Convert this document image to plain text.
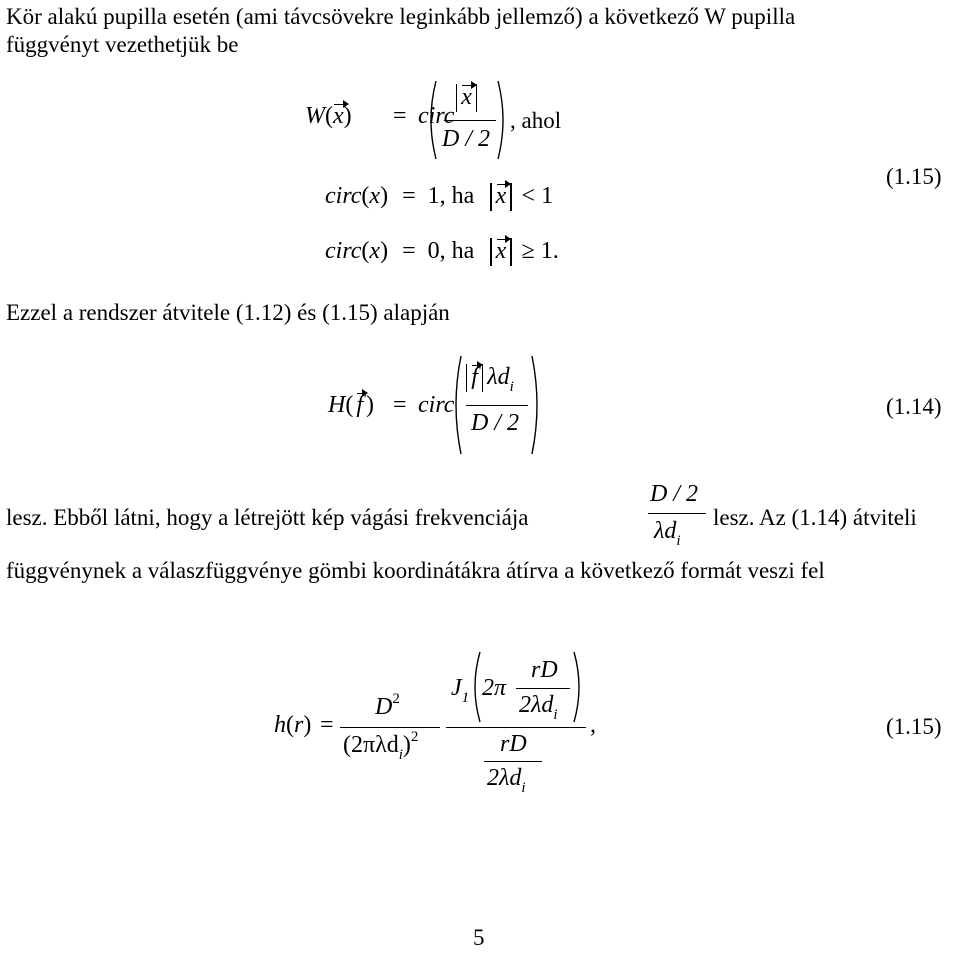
Kör alakú pupilla esetén (ami távcsövekre leginkább jellemző) a következő W pupilla
függvényt vezethetjük be
W(x) = circ
x
D / 2
, ahol
circ(x) = 1, ha x < 1
circ(x) = 0, ha x ≥ 1.
(1.15)
Ezzel a rendszer átvitele (1.12) és (1.15) alapján
H( f ) = circ
f $\lambda d_i$
D / 2
(1.14)
lesz. Ebből látni, hogy a létrejött kép vágási frekvenciája
D / 2
$\lambda d_i$
lesz. Az (1.14) átviteli
függvénynek a válaszfüggvénye gömbi koordinátákra átírva a következő formát veszi fel
h(r) =
$D^2$
$(2\pi\lambda d_i)^2$
$J_1$ 2π
rD
$2\lambda d_i$
rD
$2\lambda d_i$
,	(1.15)
5
